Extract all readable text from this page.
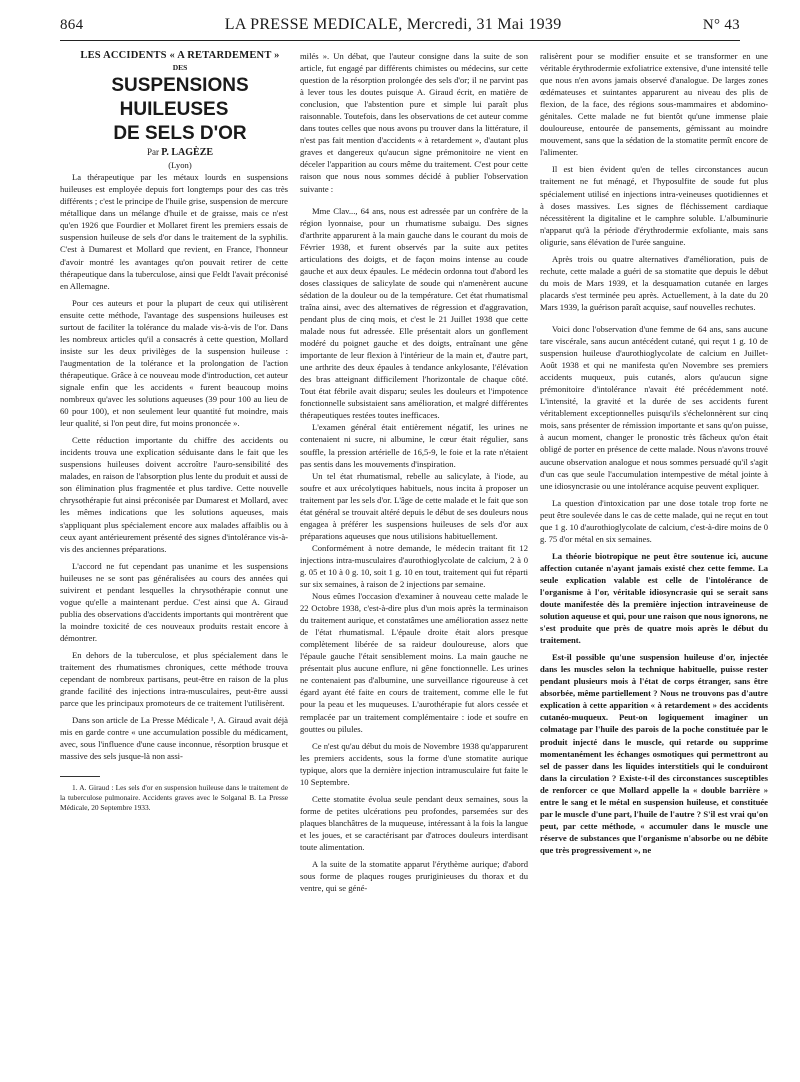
864	LA PRESSE MEDICALE, Mercredi, 31 Mai 1939	N° 43

LES ACCIDENTS « A RETARDEMENT »

DES

SUSPENSIONS HUILEUSES

DE SELS D'OR

Par P. LAGÈZE

(Lyon)

La thérapeutique par les métaux lourds en suspensions huileuses est employée depuis fort longtemps pour des cas très différents ; c'est le principe de l'huile grise, suspension de mercure métallique dans un mélange d'huile et de graisse, mais ce n'est qu'en 1926 que Fourdier et Mollaret firent les premiers essais de suspension huileuse de sels d'or dans le traitement de la syphilis. C'est à Dumarest et Mollard que revient, en France, l'honneur d'avoir montré les avantages qu'on pouvait retirer de cette thérapeutique dans la tuberculose, ainsi que Feldt l'avait préconisé en Allemagne.

Pour ces auteurs et pour la plupart de ceux qui utilisèrent ensuite cette méthode, l'avantage des suspensions huileuses est surtout de faciliter la tolérance du malade vis-à-vis de l'or. Dans les nombreux articles qu'il a consacrés à cette question, Mollard insiste sur les deux privilèges de la suspension huileuse : l'augmentation de la tolérance et la prolongation de l'action thérapeutique. Grâce à ce nouveau mode d'introduction, cet auteur signale enfin que les accidents « furent beaucoup moins nombreux qu'avec les solutions aqueuses (39 pour 100 au lieu de 60 pour 100), et non seulement leur quantité fut moindre, mais leur qualité, si l'on peut dire, fut moins prononcée ».

Cette réduction importante du chiffre des accidents ou incidents trouva une explication séduisante dans le fait que les suspensions huileuses doivent accroître l'auro-sensibilité des malades, en raison de l'absorption plus lente du produit et aussi de son élimination plus fragmentée et plus tardive. Cette nouvelle chrysothérapie fut ainsi préconisée par Dumarest et Mollard, avec les mêmes indications que les solutions aqueuses, mais s'appliquant plus spécialement encore aux malades affaiblis ou à ceux ayant antérieurement présenté des signes d'intolérance vis-à-vis des anciennes préparations.

L'accord ne fut cependant pas unanime et les suspensions huileuses ne se sont pas généralisées au cours des années qui suivirent et pendant lesquelles la chrysothérapie connut une vogue qu'elle a maintenant perdue. C'est ainsi que A. Giraud publia des observations d'accidents importants qui montrèrent que la moindre toxicité de ces nouveaux produits restait encore à démontrer.

En dehors de la tuberculose, et plus spécialement dans le traitement des rhumatismes chroniques, cette méthode trouva cependant de nombreux partisans, peut-être en raison de la plus grande facilité des injections intra-musculaires, peut-être aussi parce que les principaux promoteurs de ce traitement l'utilisèrent.

Dans son article de La Presse Médicale ¹, A. Giraud avait déjà mis en garde contre « une accumulation possible du médicament, avec, sous l'influence d'une cause inconnue, résorption brusque et massive des sels jusque-là non assi-

1. A. Giraud : Les sels d'or en suspension huileuse dans le traitement de la tuberculose pulmonaire. Accidents graves avec le Solganal B. La Presse Médicale, 20 Septembre 1933.

milés ». Un débat, que l'auteur consigne dans la suite de son article, fut engagé par différents chimistes ou médecins, sur cette question de la résorption prolongée des sels d'or; il ne parvint pas à lever tous les doutes puisque A. Giraud écrit, en matière de conclusion, que l'abstention pure et simple lui paraît plus raisonnable. Toutefois, dans les observations de cet auteur comme dans toutes celles que nous avons pu trouver dans la littérature, il n'est pas fait mention d'accidents « à retardement », d'autant plus graves et dangereux qu'aucun signe prémonitoire ne vient en déceler l'apparition au cours même du traitement. C'est pour cette raison que nous nous sommes décidé à publier l'observation suivante :

Mme Clav..., 64 ans, nous est adressée par un confrère de la région lyonnaise, pour un rhumatisme subaigu. Des signes d'arthrite apparurent à la main gauche dans le courant du mois de Février 1938, et furent observés par la suite aux petites articulations des doigts, et de façon moins intense au coude gauche et aux deux épaules. Le médecin ordonna tout d'abord les doses classiques de salicylate de soude qui n'amenèrent aucune sédation de la douleur ou de la température. Cet état rhumatismal traîna ainsi, avec des alternatives de régression et d'aggravation, pendant plus de cinq mois, et c'est le 21 Juillet 1938 que cette malade nous fut adressée. Elle présentait alors un gonflement modéré du poignet gauche et des doigts, entraînant une gêne importante de leur flexion à l'intérieur de la main et, d'autre part, une arthrite des deux épaules à tendance ankylosante, l'élévation des bras atteignant difficilement l'horizontale de chaque côté. Tout état fébrile avait disparu; seules les douleurs et l'impotence fonctionnelle subsistaient sans amélioration, et malgré différentes thérapeutiques restées toutes inefficaces.

L'examen général était entièrement négatif, les urines ne contenaient ni sucre, ni albumine, le cœur était régulier, sans souffle, la pression artérielle de 16,5-9, le foie et la rate n'étaient pas sentis dans les mouvements d'inspiration.

Un tel état rhumatismal, rebelle au salicylate, à l'iode, au soufre et aux urécolytiques habituels, nous incita à proposer un traitement par les sels d'or. L'âge de cette malade et le fait que son état général se trouvait altéré depuis le début de ses douleurs nous engagea à préférer les suspensions huileuses de sels d'or aux préparations aqueuses que nous utilisions habituellement.

Conformément à notre demande, le médecin traitant fit 12 injections intra-musculaires d'aurothioglycolate de calcium, 2 à 0 g. 05 et 10 à 0 g. 10, soit 1 g. 10 en tout, traitement qui fut réparti sur six semaines, à raison de 2 injections par semaine.

Nous eûmes l'occasion d'examiner à nouveau cette malade le 22 Octobre 1938, c'est-à-dire plus d'un mois après la terminaison du traitement aurique, et constatâmes une amélioration assez nette de l'état rhumatismal. L'épaule droite était alors presque complètement libérée de sa raideur douloureuse, alors que l'épaule gauche l'était sensiblement moins. La main gauche ne présentait plus aucune enflure, ni gêne fonctionnelle. Les urines ne contenaient pas d'albumine, une surveillance rigoureuse à cet égard ayant été faite en cours de traitement, comme elle le fut pour la peau et les muqueuses. L'aurothérapie fut alors cessée et remplacée par un traitement complémentaire : iode et soufre en gouttes ou pilules.

Ce n'est qu'au début du mois de Novembre 1938 qu'apparurent les premiers accidents, sous la forme d'une stomatite aurique typique, alors que la dernière injection intramusculaire fut faite le 10 Septembre.

Cette stomatite évolua seule pendant deux semaines, sous la forme de petites ulcérations peu profondes, parsemées sur des plaques blanchâtres de la muqueuse, intéressant à la fois la langue et les joues, et se caractérisant par d'atroces douleurs interdisant toute alimentation.

A la suite de la stomatite apparut l'érythème aurique; d'abord sous forme de plaques rouges pruriginieuses du thorax et du ventre, qui se géné-

ralisèrent pour se modifier ensuite et se transformer en une véritable érythrodermie exfoliatrice extensive, d'une intensité telle que nous n'en avons jamais observé d'analogue. De larges zones œdémateuses et suintantes apparurent au niveau des plis de flexion, de la face, des régions sous-mammaires et abdomino-génitales. Cette malade ne fut bientôt qu'une immense plaie douloureuse, entourée de pansements, gémissant au moindre mouvement, sans que la sédation de la stomatite permît encore de l'alimenter.

Il est bien évident qu'en de telles circonstances aucun traitement ne fut ménagé, et l'hyposulfite de soude fut plus spécialement utilisé en injections intra-veineuses quotidiennes et à doses massives. Les signes de fléchissement cardiaque nécessitèrent la digitaline et le camphre soluble. L'albuminurie n'apparut qu'à la période d'érythrodermie exfoliante, mais sans oligurie, sans élévation de l'urée sanguine.

Après trois ou quatre alternatives d'amélioration, puis de rechute, cette malade a guéri de sa stomatite que depuis le début du mois de Mars 1939, et la desquamation cutanée en larges placards s'est terminée peu après. Actuellement, à la date du 20 Mars 1939, la guérison paraît acquise, sauf nouvelles rechutes.

Voici donc l'observation d'une femme de 64 ans, sans aucune tare viscérale, sans aucun antécédent cutané, qui reçut 1 g. 10 de suspension huileuse d'aurothioglycolate de calcium en Juillet-Août 1938 et qui ne manifesta qu'en Novembre ses premiers accidents muqueux, puis cutanés, alors qu'aucun signe prémonitoire d'intolérance n'avait été précédemment noté. L'intensité, la gravité et la durée de ses accidents furent véritablement exceptionnelles puisqu'ils s'échelonnèrent sur cinq mois, sans présenter de rémission importante et sans qu'on puisse, à aucun moment, changer le pronostic très fâcheux qu'on était obligé de porter en présence de cette malade. Nous n'avons trouvé aucune observation analogue et nous sommes persuadé qu'il s'agit d'un cas que seule l'accumulation intempestive de métal jointe à une idiosyncrasie ou une intolérance acquise peuvent expliquer.

La question d'intoxication par une dose totale trop forte ne peut être soulevée dans le cas de cette malade, qui ne reçut en tout que 1 g. 10 d'aurothioglycolate de calcium, c'est-à-dire moins de 0 g. 75 d'or métal en six semaines.

La théorie biotropique ne peut être soutenue ici, aucune affection cutanée n'ayant jamais existé chez cette femme. La seule explication valable est celle de l'intolérance de l'organisme à l'or, véritable idiosyncrasie qui se serait sans doute manifestée dès la première injection intraveineuse de solution aqueuse et qui, pour une raison que nous ignorons, ne s'est produite que près de quatre mois après le début du traitement.

Est-il possible qu'une suspension huileuse d'or, injectée dans les muscles selon la technique habituelle, puisse rester pendant plusieurs mois à l'état de corps étranger, sans être absorbée, même partiellement ? Nous ne trouvons pas d'autre explication à cette apparition « à retardement » des accidents cutanéo-muqueux. Peut-on logiquement imaginer un colmatage par l'huile des parois de la poche constituée par le produit injecté dans le muscle, qui retarde ou supprime momentanément les échanges osmotiques qui permettront au sel de passer dans les liquides interstitiels qui le conduiront dans la circulation ? Existe-t-il des circonstances susceptibles de renforcer ce que Mollard appelle la « double barrière » entre le sang et le métal en suspension huileuse, et constituée par le muscle d'une part, l'huile de l'autre ? S'il est vrai qu'on peut, par cette méthode, « accumuler dans le muscle une réserve de substances que l'organisme n'absorbe ou ne débite que très progressivement », ne
